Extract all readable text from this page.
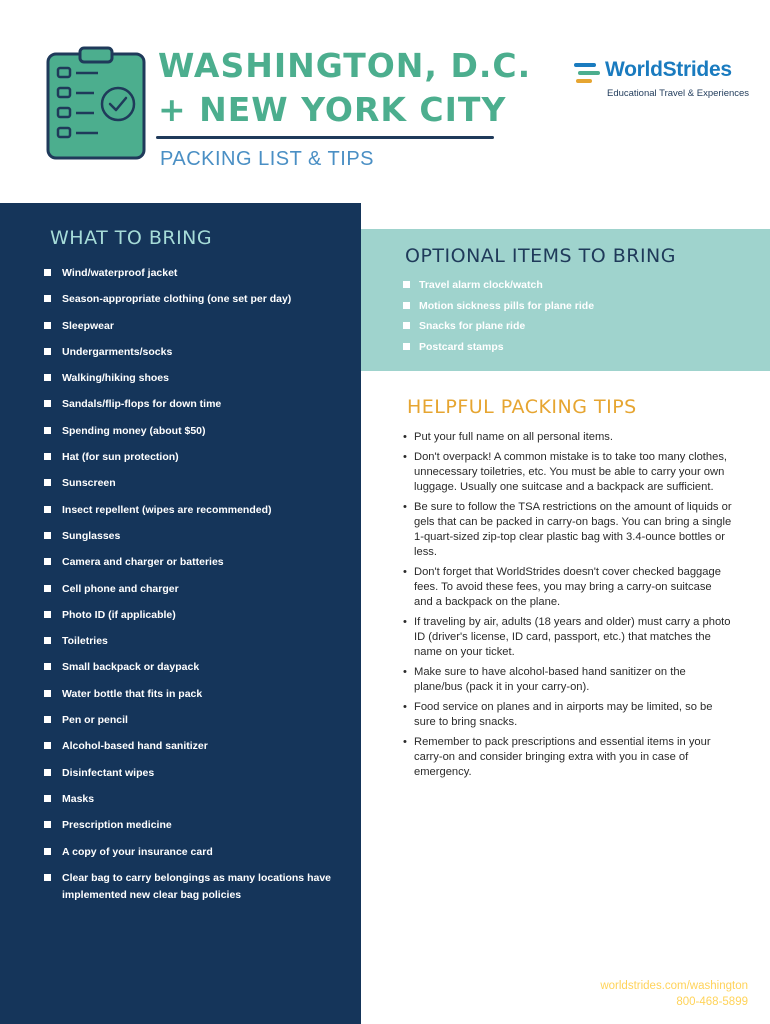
WASHINGTON, D.C.
+ NEW YORK CITY
PACKING LIST & TIPS
WorldStrides
Educational Travel & Experiences
WHAT TO BRING
Wind/waterproof jacket
Season-appropriate clothing (one set per day)
Sleepwear
Undergarments/socks
Walking/hiking shoes
Sandals/flip-flops for down time
Spending money (about $50)
Hat (for sun protection)
Sunscreen
Insect repellent (wipes are recommended)
Sunglasses
Camera and charger or batteries
Cell phone and charger
Photo ID (if applicable)
Toiletries
Small backpack or daypack
Water bottle that fits in pack
Pen or pencil
Alcohol-based hand sanitizer
Disinfectant wipes
Masks
Prescription medicine
A copy of your insurance card
Clear bag to carry belongings as many locations have implemented new clear bag policies
OPTIONAL ITEMS TO BRING
Travel alarm clock/watch
Motion sickness pills for plane ride
Snacks for plane ride
Postcard stamps
HELPFUL PACKING TIPS
• Put your full name on all personal items.
• Don't overpack! A common mistake is to take too many clothes, unnecessary toiletries, etc. You must be able to carry your own luggage. Usually one suitcase and a backpack are sufficient.
• Be sure to follow the TSA restrictions on the amount of liquids or gels that can be packed in carry-on bags. You can bring a single 1-quart-sized zip-top clear plastic bag with 3.4-ounce bottles or less.
• Don't forget that WorldStrides doesn't cover checked baggage fees. To avoid these fees, you may bring a carry-on suitcase and a backpack on the plane.
• If traveling by air, adults (18 years and older) must carry a photo ID (driver's license, ID card, passport, etc.) that matches the name on your ticket.
• Make sure to have alcohol-based hand sanitizer on the plane/bus (pack it in your carry-on).
• Food service on planes and in airports may be limited, so be sure to bring snacks.
• Remember to pack prescriptions and essential items in your carry-on and consider bringing extra with you in case of emergency.
worldstrides.com/washington
800-468-5899
